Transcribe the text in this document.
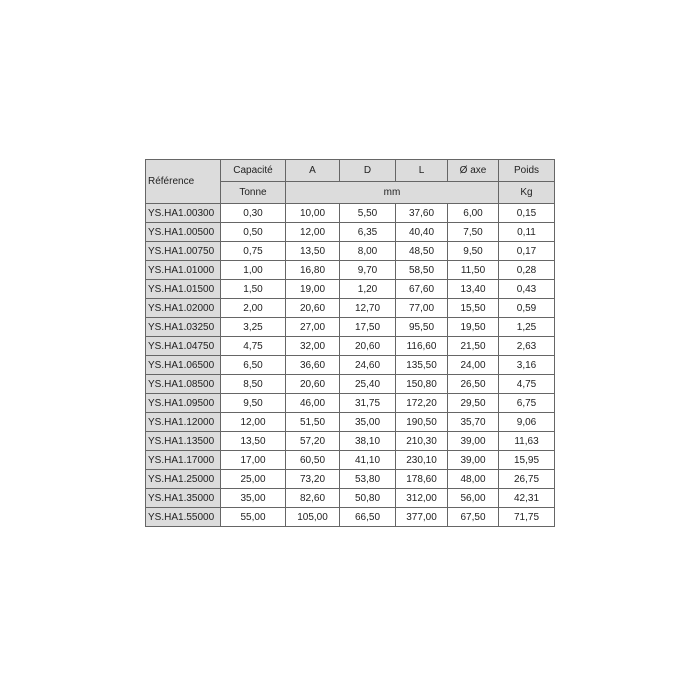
Référence	Capacité	A	D	L	Ø axe	Poids
	Tonne	mm				Kg
YS.HA1.00300	0,30	10,00	5,50	37,60	6,00	0,15
YS.HA1.00500	0,50	12,00	6,35	40,40	7,50	0,11
YS.HA1.00750	0,75	13,50	8,00	48,50	9,50	0,17
YS.HA1.01000	1,00	16,80	9,70	58,50	11,50	0,28
YS.HA1.01500	1,50	19,00	1,20	67,60	13,40	0,43
YS.HA1.02000	2,00	20,60	12,70	77,00	15,50	0,59
YS.HA1.03250	3,25	27,00	17,50	95,50	19,50	1,25
YS.HA1.04750	4,75	32,00	20,60	116,60	21,50	2,63
YS.HA1.06500	6,50	36,60	24,60	135,50	24,00	3,16
YS.HA1.08500	8,50	20,60	25,40	150,80	26,50	4,75
YS.HA1.09500	9,50	46,00	31,75	172,20	29,50	6,75
YS.HA1.12000	12,00	51,50	35,00	190,50	35,70	9,06
YS.HA1.13500	13,50	57,20	38,10	210,30	39,00	11,63
YS.HA1.17000	17,00	60,50	41,10	230,10	39,00	15,95
YS.HA1.25000	25,00	73,20	53,80	178,60	48,00	26,75
YS.HA1.35000	35,00	82,60	50,80	312,00	56,00	42,31
YS.HA1.55000	55,00	105,00	66,50	377,00	67,50	71,75
